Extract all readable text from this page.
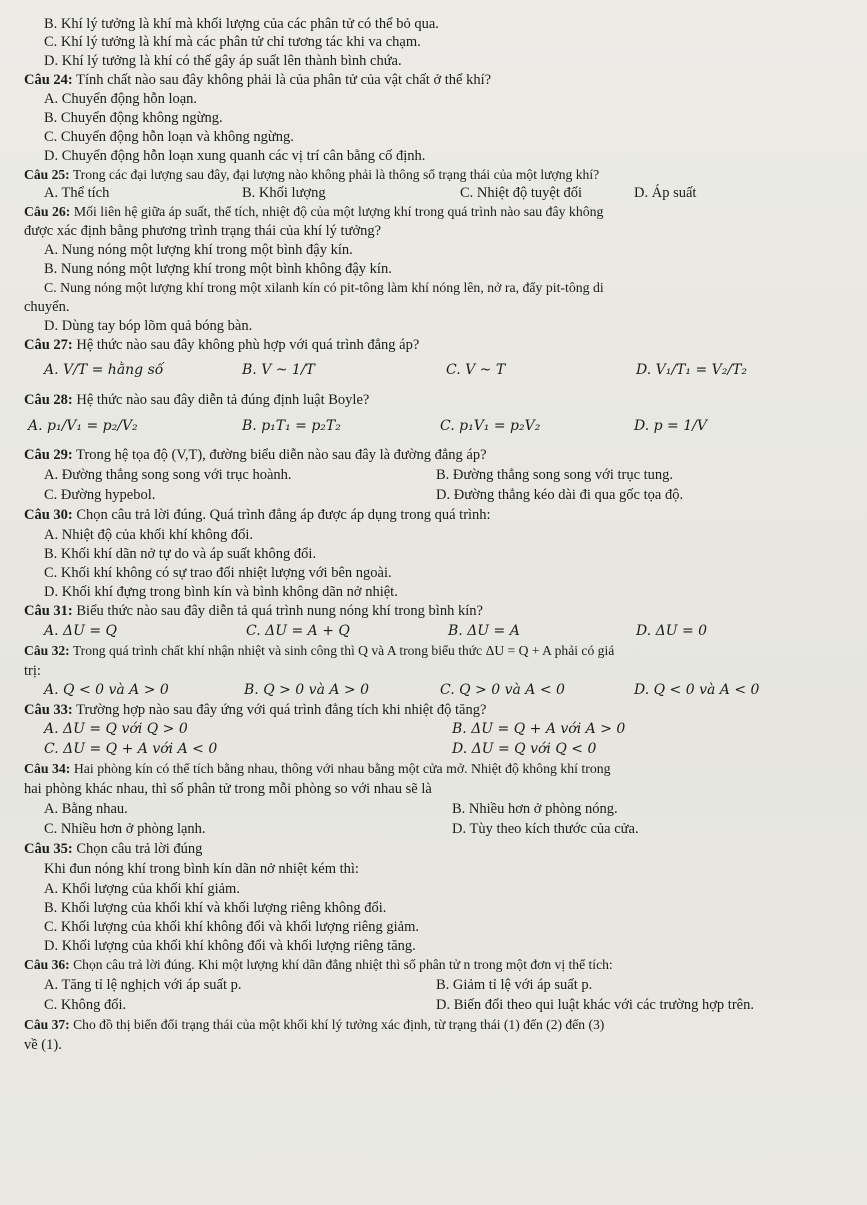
B. Khí lý tưởng là khí mà khối lượng của các phân tử có thể bỏ qua.
C. Khí lý tưởng là khí mà các phân tử chỉ tương tác khi va chạm.
D. Khí lý tưởng là khí có thể gây áp suất lên thành bình chứa.
Câu 24: Tính chất nào sau đây không phải là của phân tử của vật chất ở thể khí?
A. Chuyển động hỗn loạn.
B. Chuyển động không ngừng.
C. Chuyển động hỗn loạn và không ngừng.
D. Chuyển động hỗn loạn xung quanh các vị trí cân bằng cố định.
Câu 25: Trong các đại lượng sau đây, đại lượng nào không phải là thông số trạng thái của một lượng khí?
A. Thể tích	B. Khối lượng	C. Nhiệt độ tuyệt đối	D. Áp suất
Câu 26: Mối liên hệ giữa áp suất, thể tích, nhiệt độ của một lượng khí trong quá trình nào sau đây không
được xác định bằng phương trình trạng thái của khí lý tưởng?
A. Nung nóng một lượng khí trong một bình đậy kín.
B. Nung nóng một lượng khí trong một bình không đậy kín.
C. Nung nóng một lượng khí trong một xilanh kín có pit-tông làm khí nóng lên, nở ra, đẩy pit-tông di
chuyển.
D. Dùng tay bóp lõm quả bóng bàn.
Câu 27: Hệ thức nào sau đây không phù hợp với quá trình đẳng áp?
A. V/T = hằng số	B. V ~ 1/T	C. V ~ T	D. V₁/T₁ = V₂/T₂
Câu 28: Hệ thức nào sau đây diễn tả đúng định luật Boyle?
A. p₁/V₁ = p₂/V₂	B. p₁T₁ = p₂T₂	C. p₁V₁ = p₂V₂	D. p = 1/V
Câu 29: Trong hệ tọa độ (V,T), đường biểu diễn nào sau đây là đường đẳng áp?
A. Đường thẳng song song với trục hoành.	B. Đường thẳng song song với trục tung.
C. Đường hypebol.	D. Đường thẳng kéo dài đi qua gốc tọa độ.
Câu 30: Chọn câu trả lời đúng. Quá trình đẳng áp được áp dụng trong quá trình:
A. Nhiệt độ của khối khí không đổi.
B. Khối khí dãn nở tự do và áp suất không đổi.
C. Khối khí không có sự trao đổi nhiệt lượng với bên ngoài.
D. Khối khí đựng trong bình kín và bình không dãn nở nhiệt.
Câu 31: Biểu thức nào sau đây diễn tả quá trình nung nóng khí trong bình kín?
A. ΔU = Q	C. ΔU = A + Q	B. ΔU = A	D. ΔU = 0
Câu 32: Trong quá trình chất khí nhận nhiệt và sinh công thì Q và A trong biểu thức ΔU = Q + A phải có giá
trị:
A. Q < 0 và A > 0	B. Q > 0 và A > 0	C. Q > 0 và A < 0	D. Q < 0 và A < 0
Câu 33: Trường hợp nào sau đây ứng với quá trình đẳng tích khi nhiệt độ tăng?
A. ΔU = Q với Q > 0	B. ΔU = Q + A với A > 0
C. ΔU = Q + A với A < 0	D. ΔU = Q với Q < 0
Câu 34: Hai phòng kín có thể tích bằng nhau, thông với nhau bằng một cửa mở. Nhiệt độ không khí trong
hai phòng khác nhau, thì số phân tử trong mỗi phòng so với nhau sẽ là
A. Bằng nhau.	B. Nhiều hơn ở phòng nóng.
C. Nhiều hơn ở phòng lạnh.	D. Tùy theo kích thước của cửa.
Câu 35: Chọn câu trả lời đúng
Khi đun nóng khí trong bình kín dãn nở nhiệt kém thì:
A. Khối lượng của khối khí giảm.
B. Khối lượng của khối khí và khối lượng riêng không đổi.
C. Khối lượng của khối khí không đổi và khối lượng riêng giảm.
D. Khối lượng của khối khí không đổi và khối lượng riêng tăng.
Câu 36: Chọn câu trả lời đúng. Khi một lượng khí dãn đẳng nhiệt thì số phân tử n trong một đơn vị thể tích:
A. Tăng tỉ lệ nghịch với áp suất p.	B. Giảm tỉ lệ với áp suất p.
C. Không đổi.	D. Biến đổi theo qui luật khác với các trường hợp trên.
Câu 37: Cho đồ thị biến đổi trạng thái của một khối khí lý tưởng xác định, từ trạng thái (1) đến (2) đến (3)
về (1).
